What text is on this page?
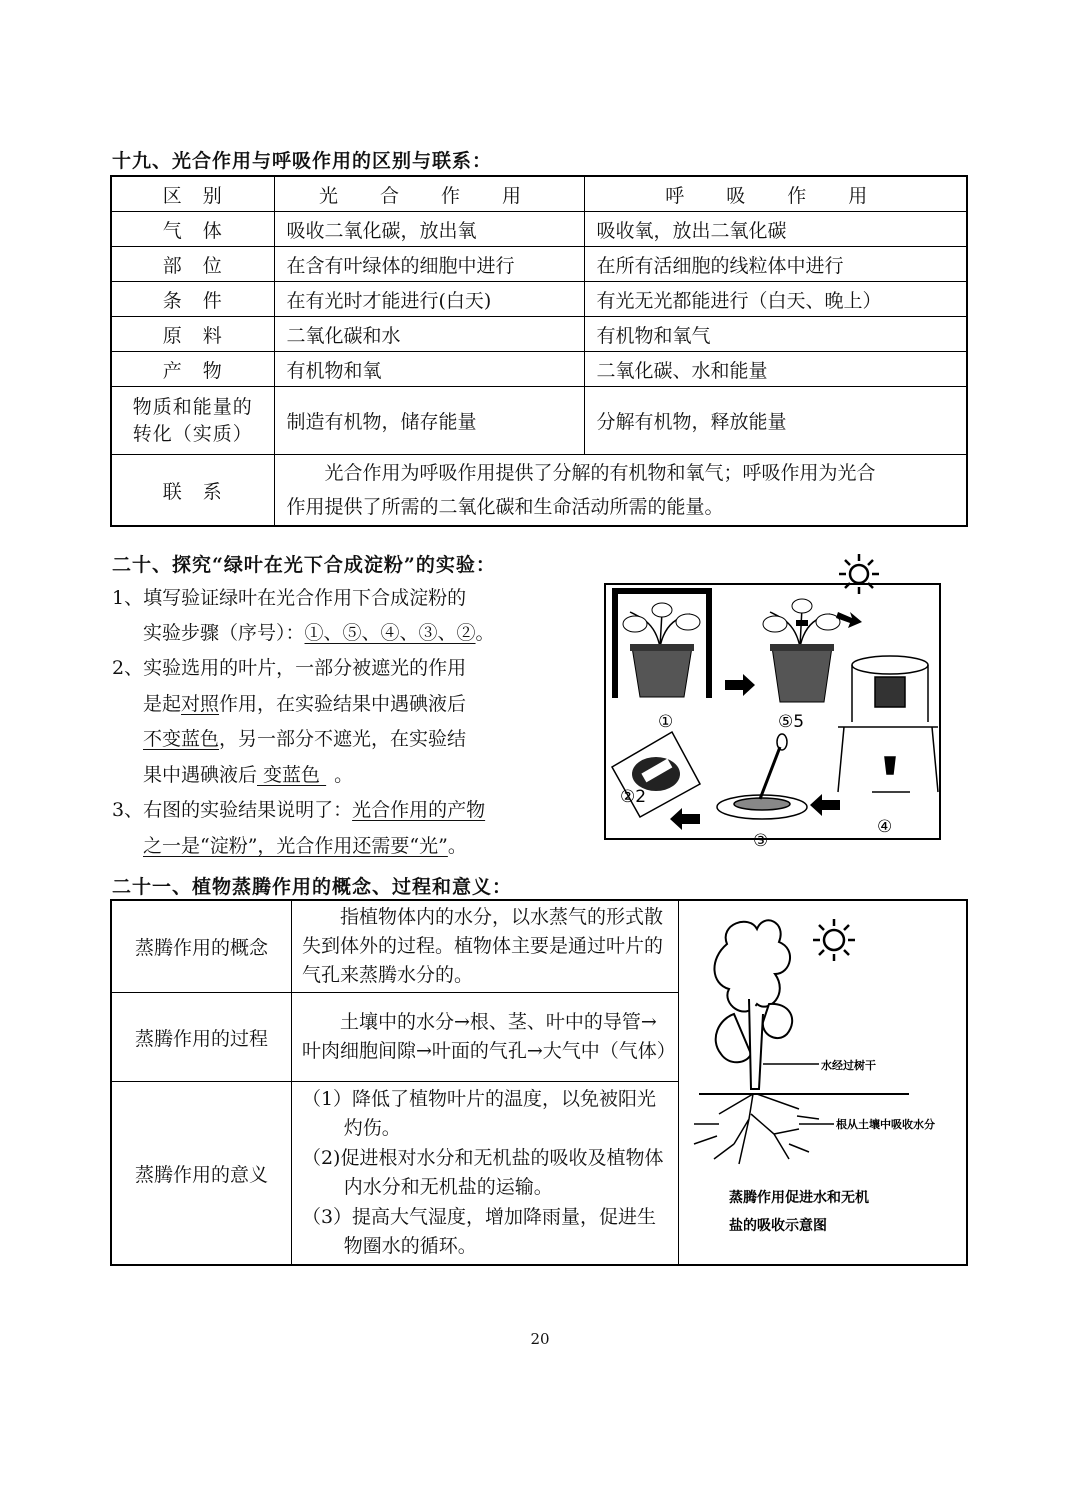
十九、光合作用与呼吸作用的区别与联系：
区　别	光 合 作 用	呼 吸 作 用
气　体	吸收二氧化碳，放出氧	吸收氧，放出二氧化碳
部　位	在含有叶绿体的细胞中进行	在所有活细胞的线粒体中进行
条　件	在有光时才能进行(白天)	有光无光都能进行（白天、晚上）
原　料	二氧化碳和水	有机物和氧气
产　物	有机物和氧	二氧化碳、水和能量

物质和能量的
转化（实质）	制造有机物，储存能量	分解有机物，释放能量
联　系	光合作用为呼吸作用提供了分解的有机物和氧气；呼吸作用为光合
作用提供了所需的二氧化碳和生命活动所需的能量。	
二十、探究“绿叶在光下合成淀粉”的实验：
1、填写验证绿叶在光合作用下合成淀粉的
实验步骤（序号）：①、⑤、④、③、②。
2、实验选用的叶片，一部分被遮光的作用
是起对照作用，在实验结果中遇碘液后
不变蓝色，另一部分不遮光，在实验结
果中遇碘液后 变蓝色 。
3、右图的实验结果说明了：光合作用的产物
之一是“淀粉”，光合作用还需要“光”。
①	⑤5
④
③
②2
二十一、植物蒸腾作用的概念、过程和意义：
蒸腾作用的概念	指植物体内的水分，以水蒸气的形式散失到体外的过程。植物体主要是通过叶片的气孔来蒸腾水分的。	水经过树干
根从土壤中吸收水分
蒸腾作用促进水和无机
盐的吸收示意图

蒸腾作用的过程	土壤中的水分→根、茎、叶中的导管→叶肉细胞间隙→叶面的气孔→大气中（气体）	
蒸腾作用的意义	（1）降低了植物叶片的温度，以免被阳光灼伤。
（2)促进根对水分和无机盐的吸收及植物体内水分和无机盐的运输。
（3）提高大气湿度，增加降雨量，促进生物圈水的循环。	
20
